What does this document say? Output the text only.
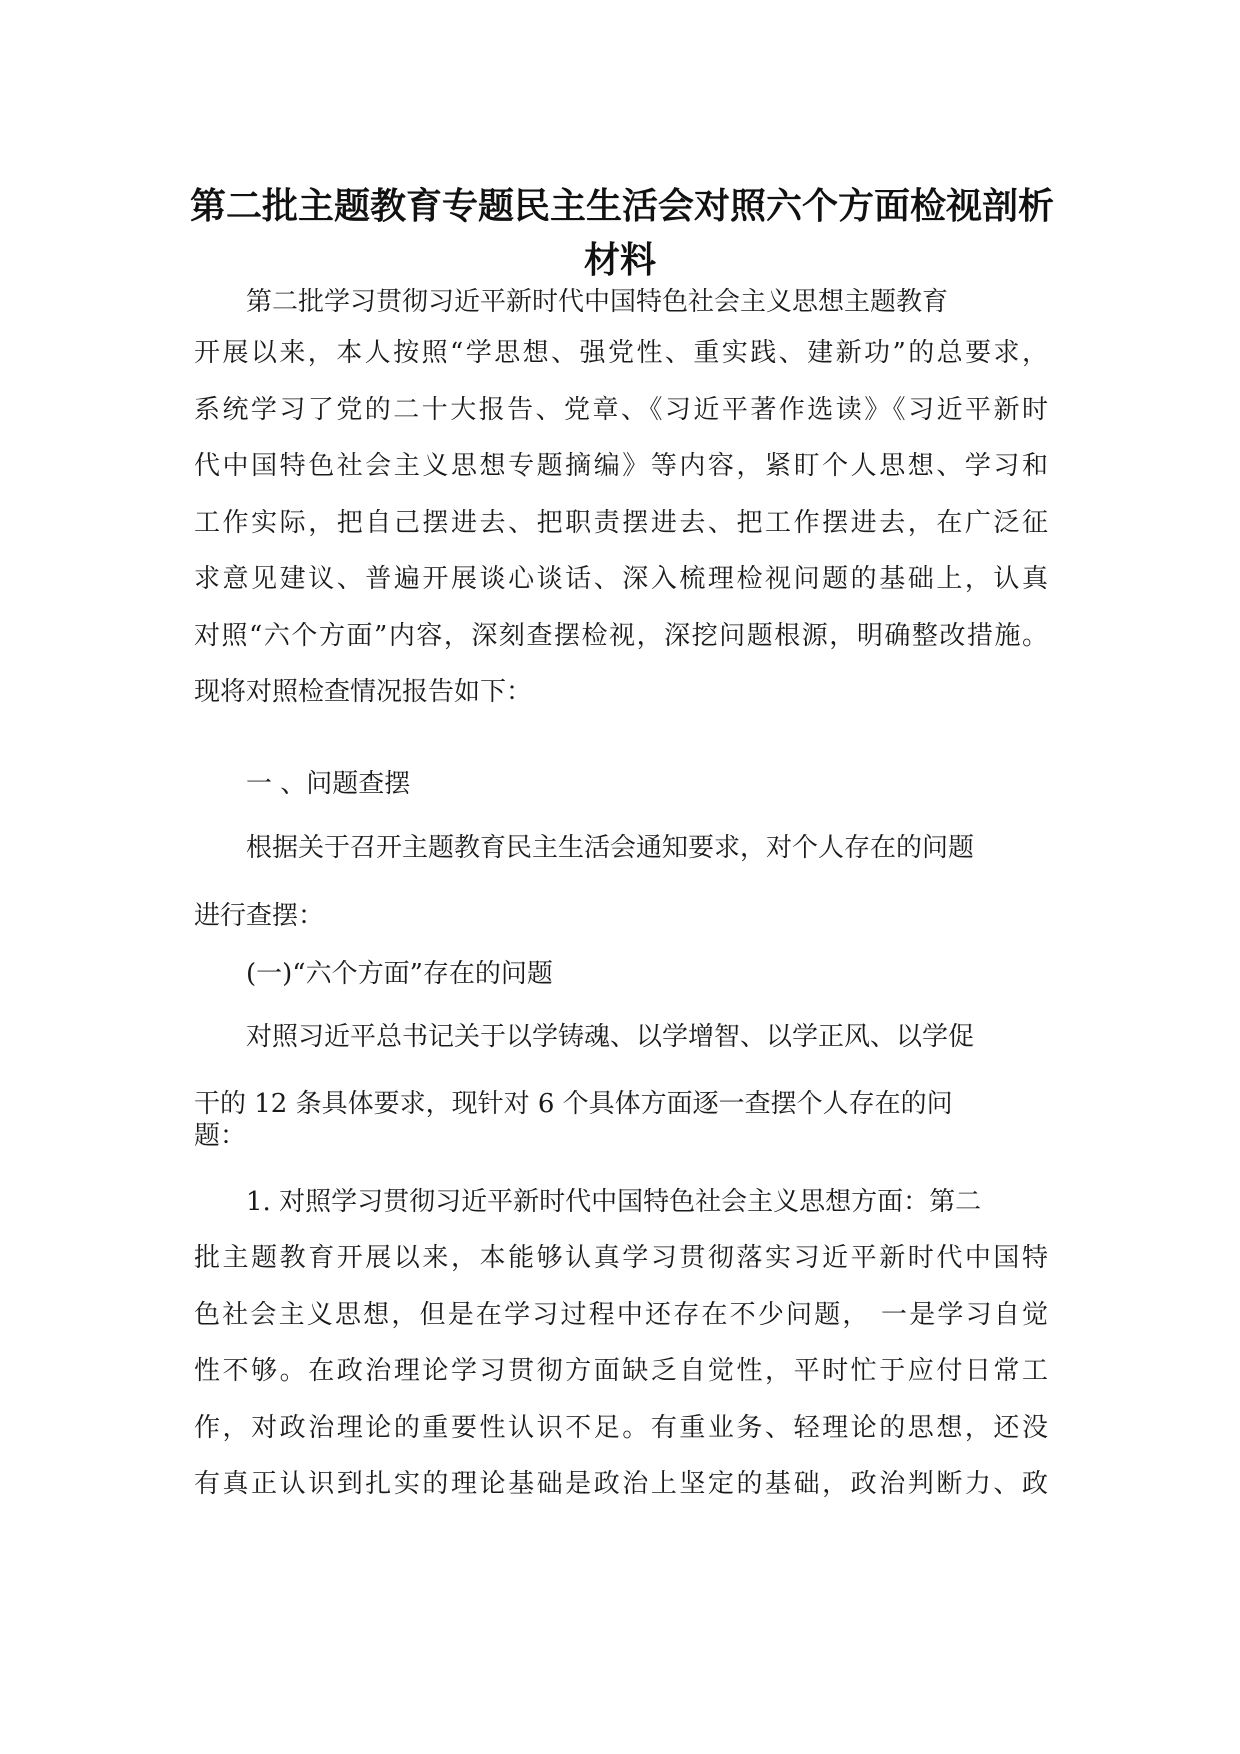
第二批主题教育专题民主生活会对照六个方面检视剖析
材料
第二批学习贯彻习近平新时代中国特色社会主义思想主题教育
开展以来，本人按照“学思想、强党性、重实践、建新功”的总要求，
系统学习了党的二十大报告、党章、《习近平著作选读》《习近平新时
代中国特色社会主义思想专题摘编》等内容，紧盯个人思想、学习和
工作实际，把自己摆进去、把职责摆进去、把工作摆进去，在广泛征
求意见建议、普遍开展谈心谈话、深入梳理检视问题的基础上，认真
对照“六个方面”内容，深刻查摆检视，深挖问题根源，明确整改措施。
现将对照检查情况报告如下：
一 、问题查摆
根据关于召开主题教育民主生活会通知要求，对个人存在的问题
进行查摆：
(一)“六个方面”存在的问题
对照习近平总书记关于以学铸魂、以学增智、以学正风、以学促
干的 12 条具体要求，现针对 6 个具体方面逐一查摆个人存在的问
题：
1. 对照学习贯彻习近平新时代中国特色社会主义思想方面：第二
批主题教育开展以来，本能够认真学习贯彻落实习近平新时代中国特
色社会主义思想，但是在学习过程中还存在不少问题， 一是学习自觉
性不够。在政治理论学习贯彻方面缺乏自觉性，平时忙于应付日常工
作，对政治理论的重要性认识不足。有重业务、轻理论的思想，还没
有真正认识到扎实的理论基础是政治上坚定的基础，政治判断力、政
